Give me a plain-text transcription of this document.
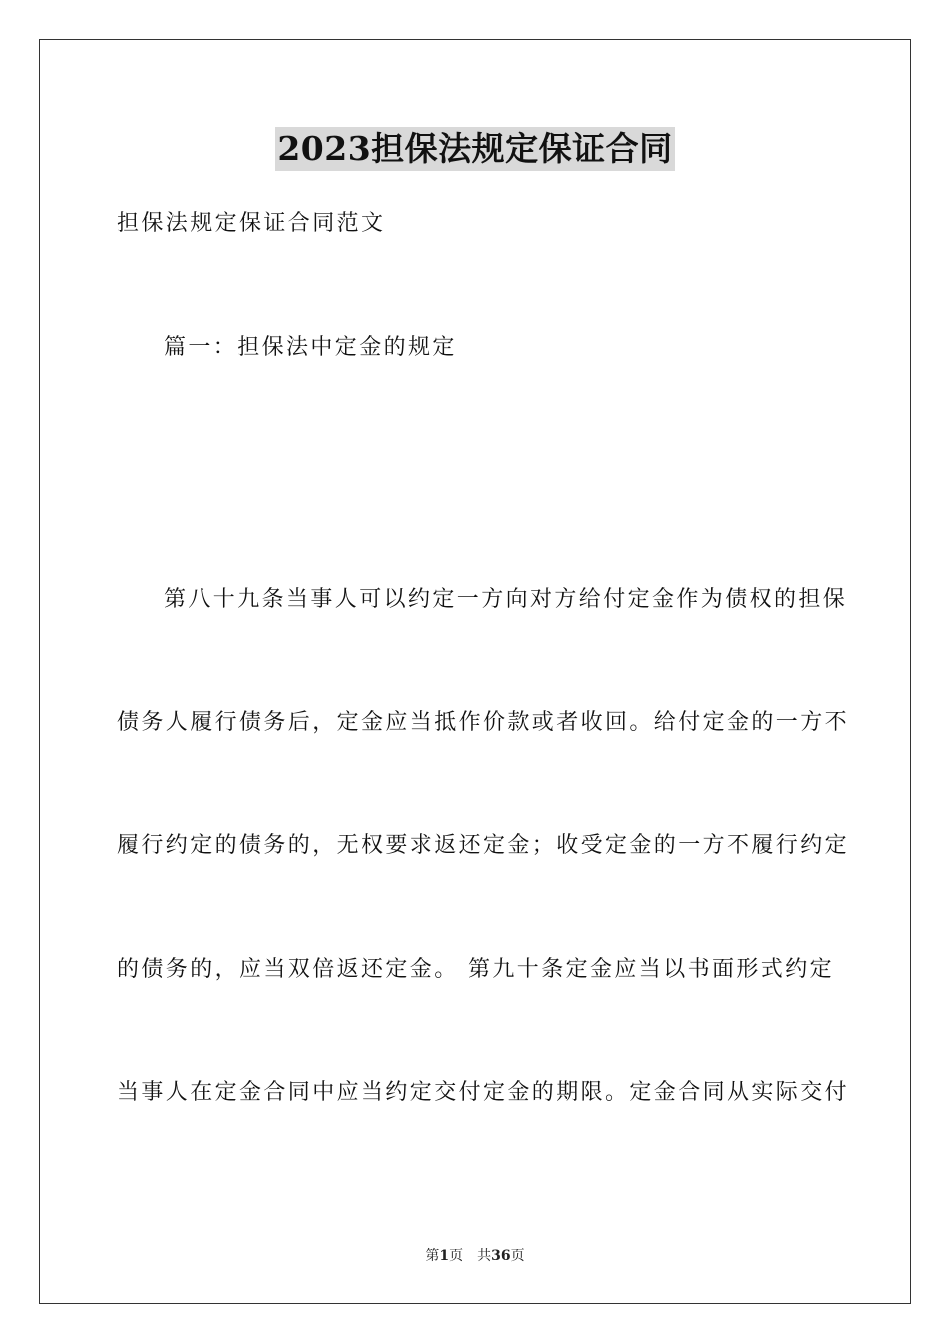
2023担保法规定保证合同
担保法规定保证合同范文
篇一：担保法中定金的规定
第八十九条当事人可以约定一方向对方给付定金作为债权的担保
债务人履行债务后，定金应当抵作价款或者收回。给付定金的一方不
履行约定的债务的，无权要求返还定金；收受定金的一方不履行约定
的债务的，应当双倍返还定金。 第九十条定金应当以书面形式约定
当事人在定金合同中应当约定交付定金的期限。定金合同从实际交付
第1页 共36页
